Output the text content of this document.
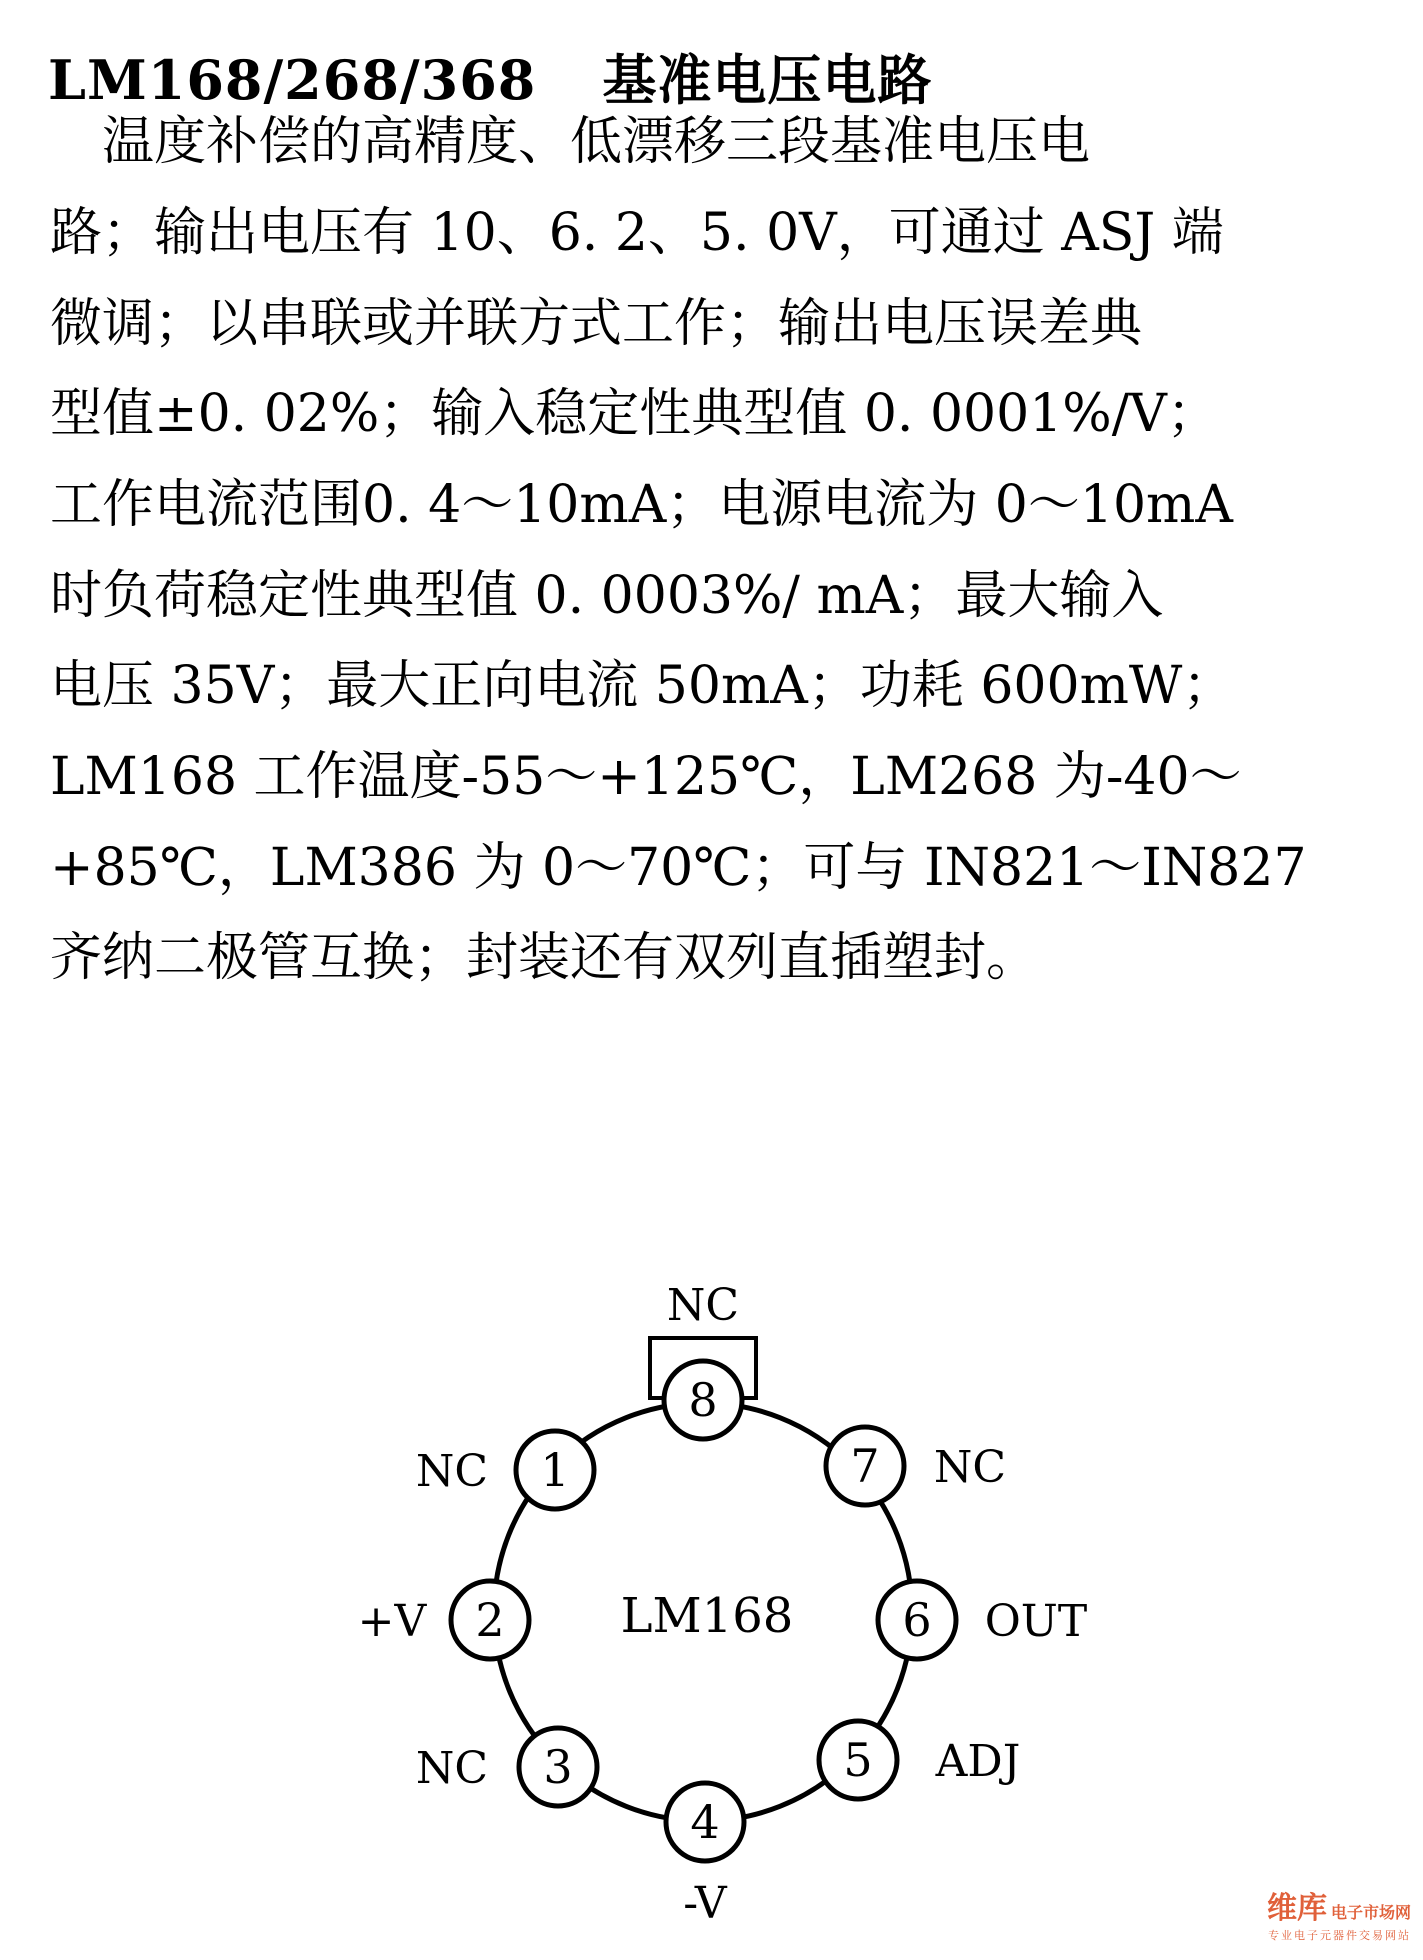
LM168/268/368 基准电压电路
　温度补偿的高精度、低漂移三段基准电压电
路；输出电压有 10、6. 2、5. 0V，可通过 ASJ 端
微调；以串联或并联方式工作；输出电压误差典
型值±0. 02%；输入稳定性典型值 0. 0001%/V；
工作电流范围0. 4～10mA；电源电流为 0～10mA
时负荷稳定性典型值 0. 0003%/ mA；最大输入
电压 35V；最大正向电流 50mA；功耗 600mW；
LM168 工作温度-55～+125℃，LM268 为-40～
+85℃，LM386 为 0～70℃；可与 IN821～IN827
齐纳二极管互换；封装还有双列直插塑封。
LM168
1
NC
2
+V
3
NC
4
-V
5 ADJ
6 OUT
7 NC
8
NC
维库 电子市场网
专业电子元器件交易网站
